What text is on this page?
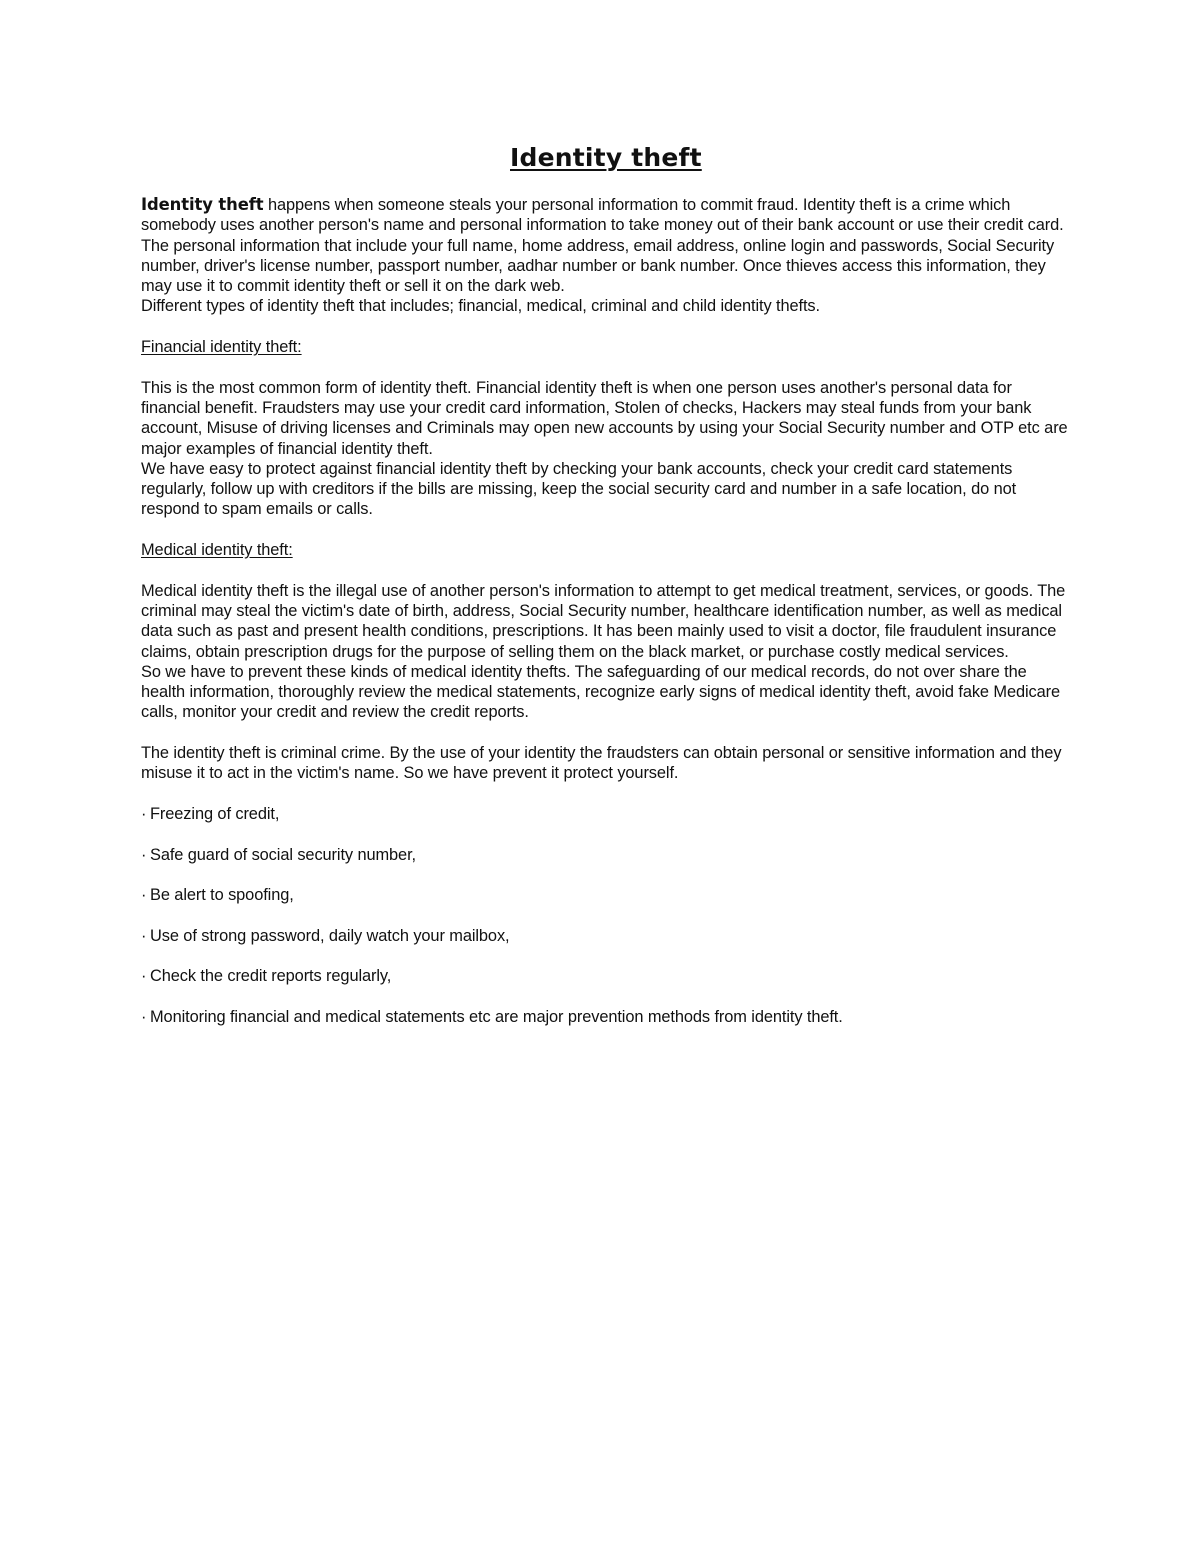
Identity theft

Identity theft happens when someone steals your personal information to commit fraud. Identity theft is a crime which somebody uses another person's name and personal information to take money out of their bank account or use their credit card. The personal information that include your full name, home address, email address, online login and passwords, Social Security number, driver's license number, passport number, aadhar number or bank number. Once thieves access this information, they may use it to commit identity theft or sell it on the dark web.

Different types of identity theft that includes; financial, medical, criminal and child identity thefts.

Financial identity theft:

This is the most common form of identity theft. Financial identity theft is when one person uses another's personal data for financial benefit. Fraudsters may use your credit card information, Stolen of checks, Hackers may steal funds from your bank account, Misuse of driving licenses and Criminals may open new accounts by using your Social Security number and OTP etc are major examples of financial identity theft.

We have easy to protect against financial identity theft by checking your bank accounts, check your credit card statements regularly, follow up with creditors if the bills are missing, keep the social security card and number in a safe location, do not respond to spam emails or calls.

Medical identity theft:

Medical identity theft is the illegal use of another person's information to attempt to get medical treatment, services, or goods. The criminal may steal the victim's date of birth, address, Social Security number, healthcare identification number, as well as medical data such as past and present health conditions, prescriptions. It has been mainly used to visit a doctor, file fraudulent insurance claims, obtain prescription drugs for the purpose of selling them on the black market, or purchase costly medical services.

So we have to prevent these kinds of medical identity thefts. The safeguarding of our medical records, do not over share the health information, thoroughly review the medical statements, recognize early signs of medical identity theft, avoid fake Medicare calls, monitor your credit and review the credit reports.

The identity theft is criminal crime. By the use of your identity the fraudsters can obtain personal or sensitive information and they misuse it to act in the victim's name. So we have prevent it protect yourself.

· Freezing of credit,
· Safe guard of social security number,
· Be alert to spoofing,
· Use of strong password, daily watch your mailbox,
· Check the credit reports regularly,
· Monitoring financial and medical statements etc are major prevention methods from identity theft.
